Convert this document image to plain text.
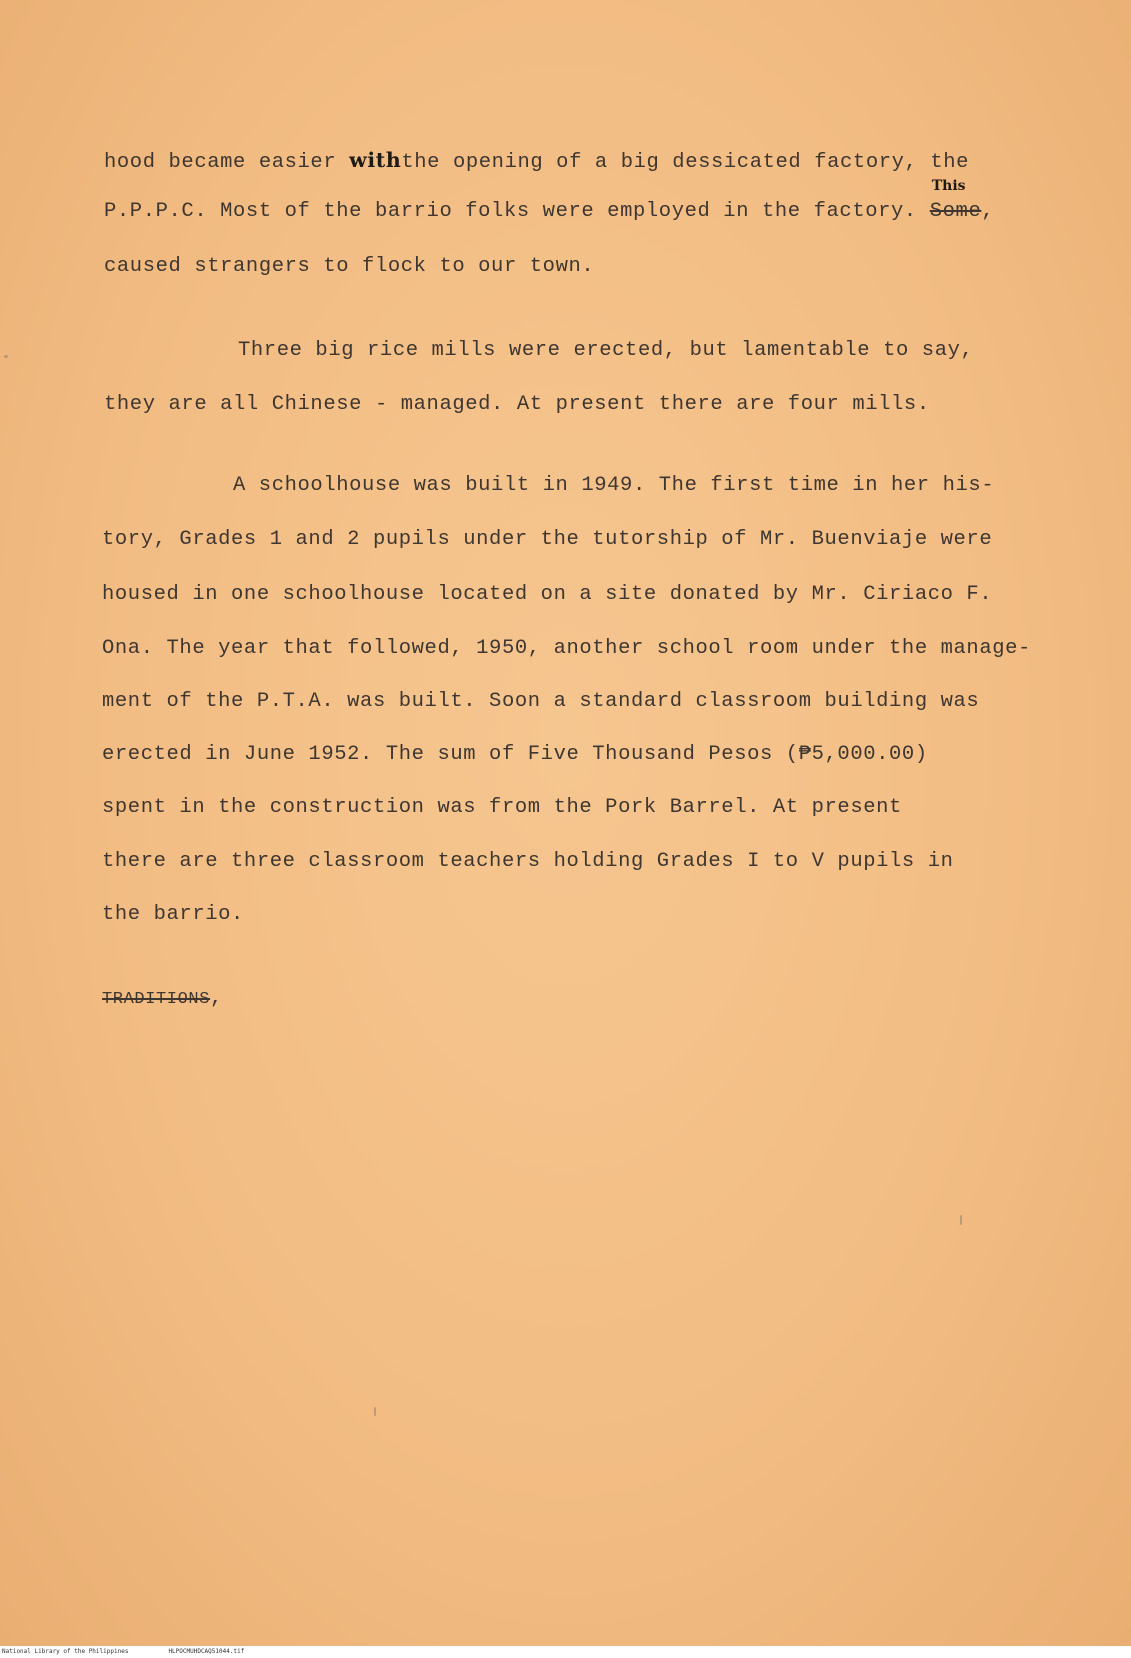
hood became easier withthe opening of a big dessicated factory, the

P.P.P.C. Most of the barrio folks were employed in the factory. Some
This
,

caused strangers to flock to our town.

Three big rice mills were erected, but lamentable to say,

they are all Chinese - managed. At present there are four mills.

A schoolhouse was built in 1949. The first time in her his-

tory, Grades 1 and 2 pupils under the tutorship of Mr. Buenviaje were

housed in one schoolhouse located on a site donated by Mr. Ciriaco F.

Ona. The year that followed, 1950, another school room under the manage-

ment of the P.T.A. was built. Soon a standard classroom building was

erected in June 1952. The sum of Five Thousand Pesos (₱5,000.00)

spent in the construction was from the Pork Barrel. At present

there are three classroom teachers holding Grades I to V pupils in

the barrio.

TRADITIONS,

National Library of the Philippines	HLPOCMUHDCAQ51044.tif
